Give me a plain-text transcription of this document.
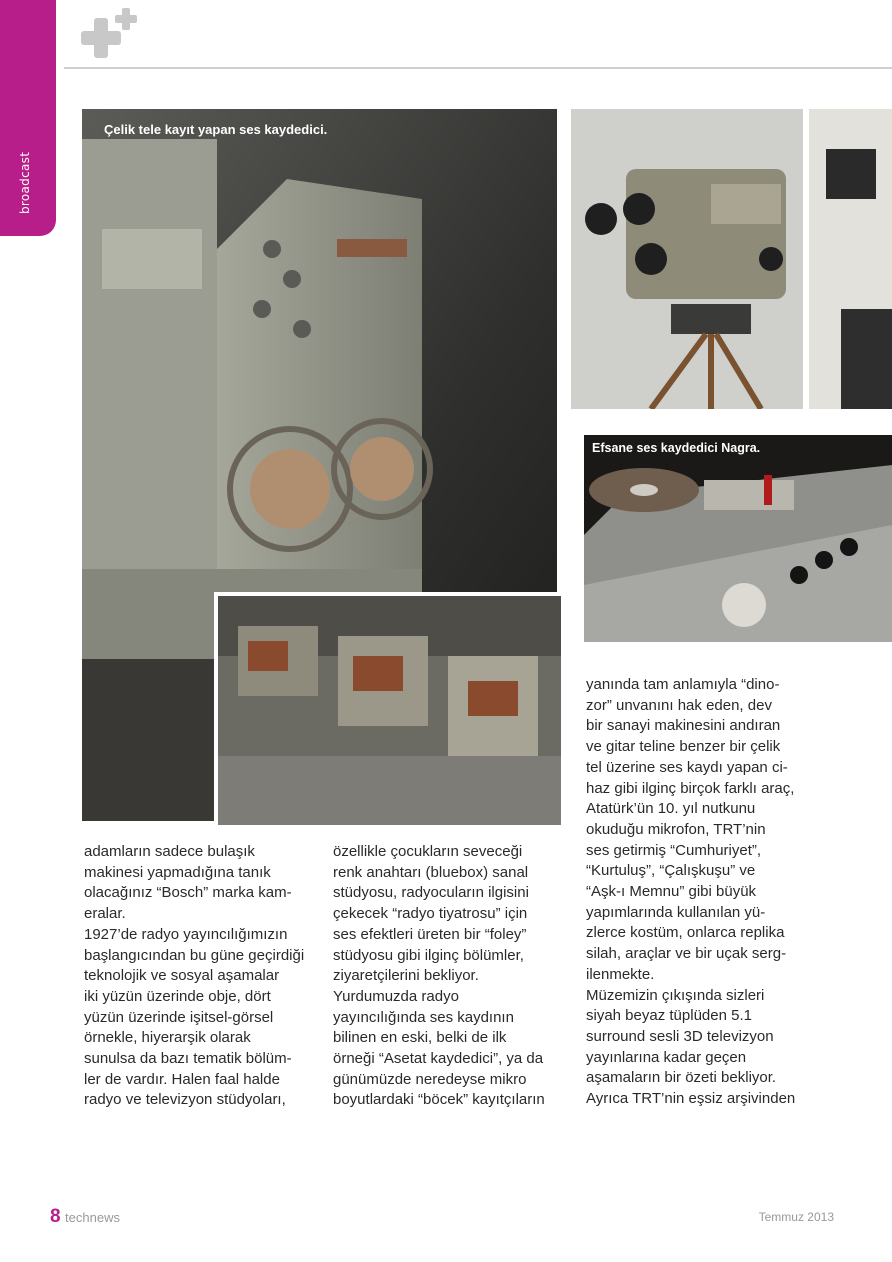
broadcast
Çelik tele kayıt yapan ses kaydedici.
Efsane ses kaydedici Nagra.

adamların sadece bulaşık

makinesi yapmadığına tanık

olacağınız “Bosch” marka kam-

eralar.

1927’de radyo yayıncılığımızın

başlangıcından bu güne geçirdiği

teknolojik ve sosyal aşamalar

iki yüzün üzerinde obje, dört

yüzün üzerinde işitsel-görsel

örnekle, hiyerarşik olarak

sunulsa da bazı tematik bölüm-

ler de vardır. Halen faal halde

radyo ve televizyon stüdyoları,

özellikle çocukların seveceği

renk anahtarı (bluebox) sanal

stüdyosu, radyocuların ilgisini

çekecek “radyo tiyatrosu” için

ses efektleri üreten bir “foley”

stüdyosu gibi ilginç bölümler,

ziyaretçilerini bekliyor.

Yurdumuzda radyo

yayıncılığında ses kaydının

bilinen en eski, belki de ilk

örneği “Asetat kaydedici”, ya da

günümüzde neredeyse mikro

boyutlardaki “böcek” kayıtçıların

yanında tam anlamıyla “dino-

zor” unvanını hak eden, dev

bir sanayi makinesini andıran

ve gitar teline benzer bir çelik

tel üzerine ses kaydı yapan ci-

haz gibi ilginç birçok farklı araç,

Atatürk’ün 10. yıl nutkunu

okuduğu mikrofon, TRT’nin

ses getirmiş “Cumhuriyet”,

“Kurtuluş”, “Çalışkuşu” ve

“Aşk-ı Memnu” gibi büyük

yapımlarında kullanılan yü-

zlerce kostüm, onlarca replika

silah, araçlar ve bir uçak serg-

ilenmekte.

Müzemizin çıkışında sizleri

siyah beyaz tüplüden 5.1

surround sesli 3D televizyon

yayınlarına kadar geçen

aşamaların bir özeti bekliyor.

Ayrıca TRT’nin eşsiz arşivinden

8 technews	Temmuz 2013
